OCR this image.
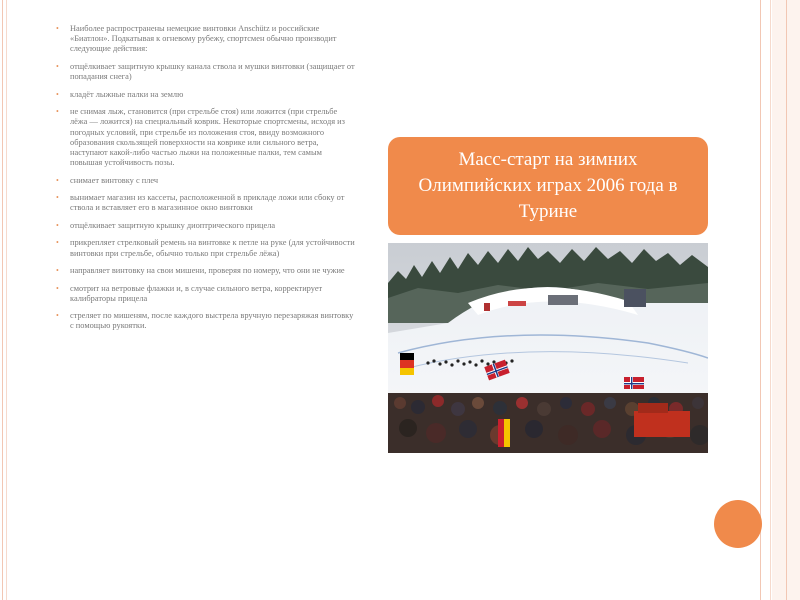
• Наиболее распространены немецкие винтовки Anschütz и российские «Биатлон». Подкатывая к огневому рубежу, спортсмен обычно производит следующие действия:
• отщёлкивает защитную крышку канала ствола и мушки винтовки (защищает от попадания снега)
• кладёт лыжные палки на землю
• не снимая лыж, становится (при стрельбе стоя) или ложится (при стрельбе лёжа — ложится) на специальный коврик. Некоторые спортсмены, исходя из погодных условий, при стрельбе из положения стоя, ввиду возможного образования скользящей поверхности на коврике или сильного ветра, наступают какой-либо частью лыжи на положенные палки, тем самым повышая устойчивость позы.
• снимает винтовку с плеч
• вынимает магазин из кассеты, расположенной в прикладе ложи или сбоку от ствола и вставляет его в магазинное окно винтовки
• отщёлкивает защитную крышку диоптрического прицела
• прикрепляет стрелковый ремень на винтовке к петле на руке (для устойчивости винтовки при стрельбе, обычно только при стрельбе лёжа)
• направляет винтовку на свои мишени, проверяя по номеру, что они не чужие
• смотрит на ветровые флажки и, в случае сильного ветра, корректирует калибраторы прицела
• стреляет по мишеням, после каждого выстрела вручную перезаряжая винтовку с помощью рукоятки.
Масс-старт на зимних Олимпийских играх 2006 года в Турине
